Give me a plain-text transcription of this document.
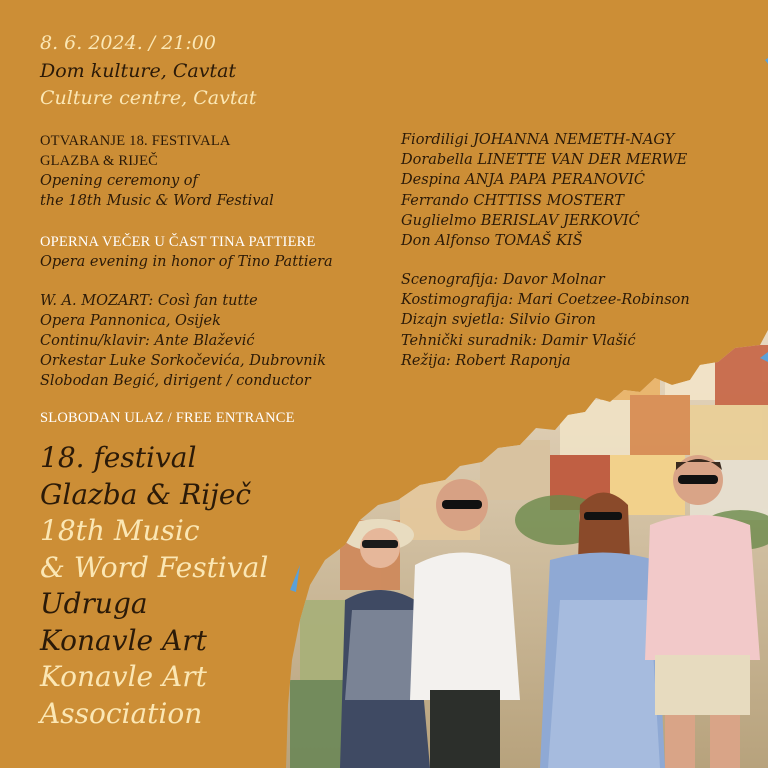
8. 6. 2024. / 21:00
Dom kulture, Cavtat
Culture centre, Cavtat
OTVARANJE 18. FESTIVALA
GLAZBA & RIJEČ
Opening ceremony of
the 18th Music & Word Festival
OPERNA VEČER U ČAST TINA PATTIERE
Opera evening in honor of Tino Pattiera
W. A. MOZART: Così fan tutte
Opera Pannonica, Osijek
Continu/klavir: Ante Blažević
Orkestar Luke Sorkočevića, Dubrovnik
Slobodan Begić, dirigent / conductor
SLOBODAN ULAZ / FREE ENTRANCE
Fiordiligi JOHANNA NEMETH-NAGY
Dorabella LINETTE VAN DER MERWE
Despina ANJA PAPA PERANOVIĆ
Ferrando CHTTISS MOSTERT
Guglielmo BERISLAV JERKOVIĆ
Don Alfonso TOMAŠ KIŠ
Scenografija: Davor Molnar
Kostimografija: Mari Coetzee-Robinson
Dizajn svjetla: Silvio Giron
Tehnički suradnik: Damir Vlašić
Režija: Robert Raponja
18. festival
Glazba & Riječ
18th Music
& Word Festival
Udruga
Konavle Art
Konavle Art
Association
